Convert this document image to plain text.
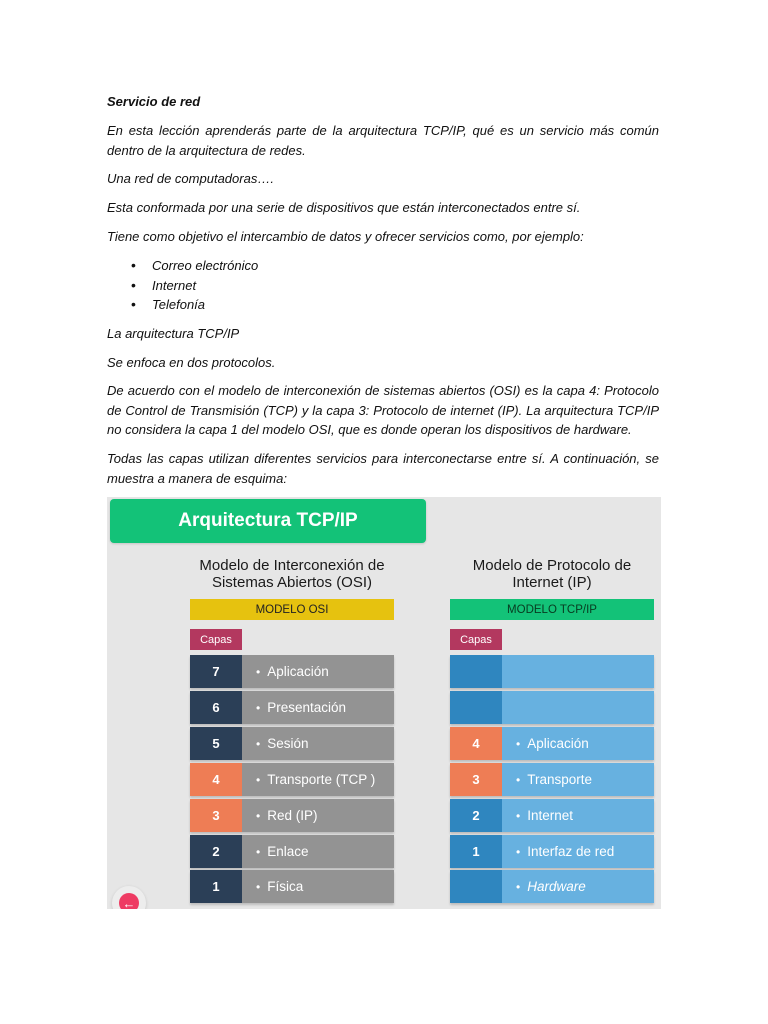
Servicio de red

En esta lección aprenderás parte de la arquitectura TCP/IP, qué es un servicio más común dentro de la arquitectura de redes.

Una red de computadoras….

Esta conformada por una serie de dispositivos que están interconectados entre sí.

Tiene como objetivo el intercambio de datos y ofrecer servicios como, por ejemplo:

• Correo electrónico
• Internet
• Telefonía

La arquitectura TCP/IP

Se enfoca en dos protocolos.

De acuerdo con el modelo de interconexión de sistemas abiertos (OSI) es la capa 4: Protocolo de Control de Transmisión (TCP) y la capa 3: Protocolo de internet (IP). La arquitectura TCP/IP no considera la capa 1 del modelo OSI, que es donde operan los dispositivos de hardware.

Todas las capas utilizan diferentes servicios para interconectarse entre sí. A continuación, se muestra a manera de esquima:

Arquitectura TCP/IP
Modelo de Interconexión de
Sistemas Abiertos (OSI)
MODELO OSI
Capas
7	• Aplicación
6	• Presentación
5	• Sesión
4	• Transporte (TCP )
3	• Red (IP)
2	• Enlace
1	• Física
Modelo de Protocolo de
Internet (IP)
MODELO TCP/IP
Capas
4	• Aplicación
3	• Transporte
2	• Internet
1	• Interfaz de red
• Hardware
←
